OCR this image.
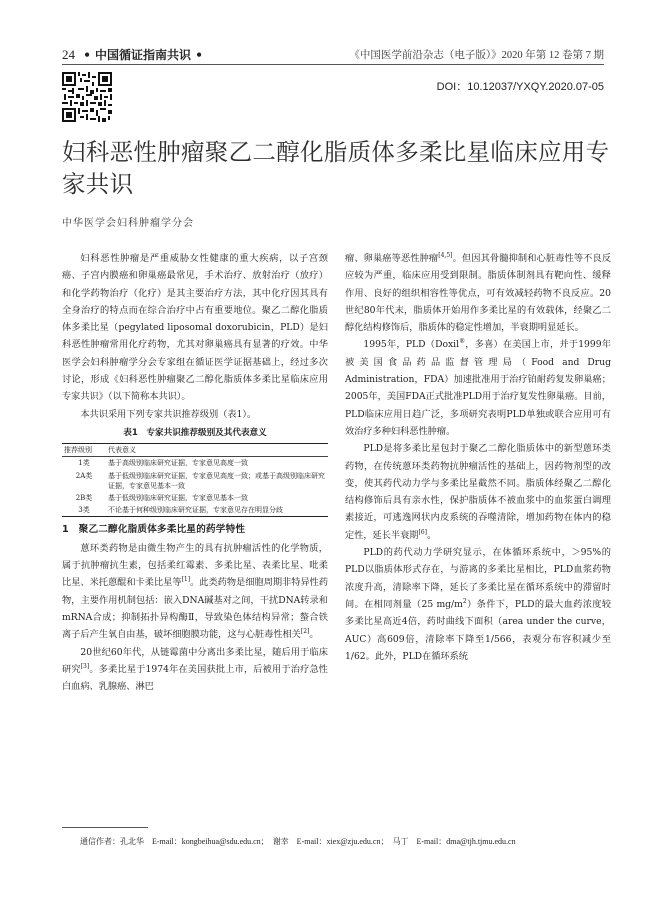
24 • 中国循证指南共识 •	《中国医学前沿杂志（电子版）》2020 年第 12 卷第 7 期
DOI：10.12037/YXQY.2020.07-05
妇科恶性肿瘤聚乙二醇化脂质体多柔比星临床应用专家共识
中华医学会妇科肿瘤学分会

妇科恶性肿瘤是严重威胁女性健康的重大疾病，以子宫颈癌、子宫内膜癌和卵巢癌最常见，手术治疗、放射治疗（放疗）和化学药物治疗（化疗）是其主要治疗方法，其中化疗因其具有全身治疗的特点而在综合治疗中占有重要地位。聚乙二醇化脂质体多柔比星（pegylated liposomal doxorubicin，PLD）是妇科恶性肿瘤常用化疗药物，尤其对卵巢癌具有显著的疗效。中华医学会妇科肿瘤学分会专家组在循证医学证据基础上，经过多次讨论，形成《妇科恶性肿瘤聚乙二醇化脂质体多柔比星临床应用专家共识》（以下简称本共识）。

本共识采用下列专家共识推荐级别（表1）。

表1　专家共识推荐级别及其代表意义
推荐级别	代表意义
1类	基于高级别临床研究证据，专家意见高度一致
2A类	基于低级别临床研究证据，专家意见高度一致；或基于高级别临床研究证据，专家意见基本一致
2B类	基于低级别临床研究证据，专家意见基本一致
3类	不论基于何种级别临床研究证据，专家意见存在明显分歧
1　聚乙二醇化脂质体多柔比星的药学特性

蒽环类药物是由微生物产生的具有抗肿瘤活性的化学物质，属于抗肿瘤抗生素，包括柔红霉素、多柔比星、表柔比星、吡柔比星、米托蒽醌和卡柔比星等[1]。此类药物是细胞周期非特异性药物，主要作用机制包括：嵌入DNA碱基对之间，干扰DNA转录和mRNA合成；抑制拓扑异构酶Ⅱ，导致染色体结构异常；螯合铁离子后产生氧自由基，破坏细胞膜功能，这与心脏毒性相关[2]。

20世纪60年代，从链霉菌中分离出多柔比星，随后用于临床研究[3]。多柔比星于1974年在美国获批上市，后被用于治疗急性白血病、乳腺癌、淋巴

瘤、卵巢癌等恶性肿瘤[4,5]。但因其骨髓抑制和心脏毒性等不良反应较为严重，临床应用受到限制。脂质体制剂具有靶向性、缓释作用、良好的组织相容性等优点，可有效减轻药物不良反应。20世纪80年代末，脂质体开始用作多柔比星的有效载体，经聚乙二醇化结构修饰后，脂质体的稳定性增加，半衰期明显延长。

1995年，PLD（Doxil®，多喜）在美国上市，并于1999年被美国食品药品监督管理局（Food and Drug Administration，FDA）加速批准用于治疗铂耐药复发卵巢癌；2005年，美国FDA正式批准PLD用于治疗复发性卵巢癌。目前，PLD临床应用日趋广泛，多项研究表明PLD单独或联合应用可有效治疗多种妇科恶性肿瘤。

PLD是将多柔比星包封于聚乙二醇化脂质体中的新型蒽环类药物，在传统蒽环类药物抗肿瘤活性的基础上，因药物剂型的改变，使其药代动力学与多柔比星截然不同。脂质体经聚乙二醇化结构修饰后具有亲水性，保护脂质体不被血浆中的血浆蛋白调理素接近，可逃逸网状内皮系统的吞噬清除，增加药物在体内的稳定性，延长半衰期[6]。

PLD的药代动力学研究显示，在体循环系统中，＞95%的PLD以脂质体形式存在，与游离的多柔比星相比，PLD血浆药物浓度升高，清除率下降，延长了多柔比星在循环系统中的滞留时间。在相同剂量（25 $mg/m^2$）条件下，PLD的最大血药浓度较多柔比星高近4倍，药时曲线下面积（area under the curve，AUC）高609倍，清除率下降至1/566，表观分布容积减少至1/62。此外，PLD在循环系统

通信作者：孔北华　E-mail：kongbeihua@sdu.edu.cn； 谢幸　E-mail：xiex@zju.edu.cn； 马丁　E-mail：dma@tjh.tjmu.edu.cn
